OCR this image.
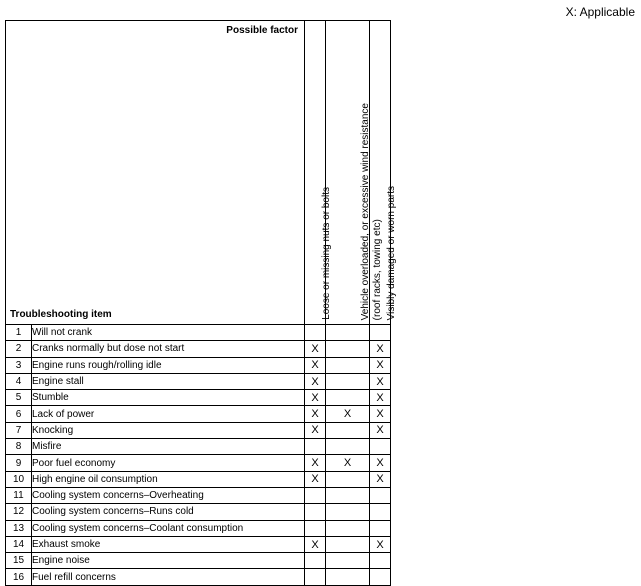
X: Applicable
Possible factor
Troubleshooting item		Loose or missing nuts or bolts	Vehicle overloaded, or excessive wind resistance (roof racks, towing etc)	Visibly damaged or worn parts

1	Will not crank			
2	Cranks normally but dose not start	X		X
3	Engine runs rough/rolling idle	X		X
4	Engine stall	X		X
5	Stumble	X		X
6	Lack of power	X	X	X
7	Knocking	X		X
8	Misfire			
9	Poor fuel economy	X	X	X
10	High engine oil consumption	X		X
11	Cooling system concerns–Overheating			
12	Cooling system concerns–Runs cold			
13	Cooling system concerns–Coolant consumption			
14	Exhaust smoke	X		X
15	Engine noise			
16	Fuel refill concerns			
